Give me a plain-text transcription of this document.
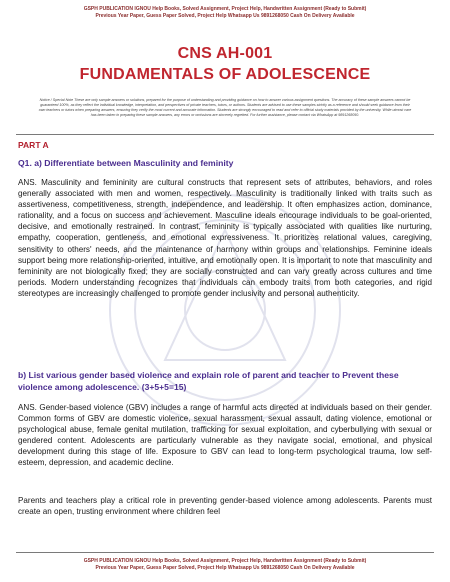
GSPH PUBLICATION IGNOU Help Books, Solved Assignment, Project Help, Handwritten Assignment (Ready to Submit)
Previous Year Paper, Guess Paper Solved, Project Help Whatsapp Us 9891268050 Cash On Delivery Available
CNS AH-001
FUNDAMENTALS OF ADOLESCENCE
Notice / Special Note These are only sample answers or solutions, prepared for the purpose of understanding and providing guidance on how to answer various assignment questions. The accuracy of these sample answers cannot be guaranteed 100%, as they reflect the individual knowledge, interpretation, and perspectives of private teachers, tutors, or authors. Students are advised to use these samples strictly as a reference and should seek guidance from their own teachers or tutors when preparing answers, ensuring they verify the most current and accurate information. Students are strongly encouraged to read and refer to official study materials provided by the university. While utmost care has been taken in preparing these sample answers, any errors or omissions are sincerely regretted. For further assistance, please contact via WhatsApp at 9891268050.
PART A
Q1. a) Differentiate between Masculinity and feminity
ANS. Masculinity and femininity are cultural constructs that represent sets of attributes, behaviors, and roles generally associated with men and women, respectively. Masculinity is traditionally linked with traits such as assertiveness, competitiveness, strength, independence, and leadership. It often emphasizes action, dominance, rationality, and a focus on success and achievement. Masculine ideals encourage individuals to be goal-oriented, decisive, and emotionally restrained. In contrast, femininity is typically associated with qualities like nurturing, empathy, cooperation, gentleness, and emotional expressiveness. It prioritizes relational values, caregiving, sensitivity to others' needs, and the maintenance of harmony within groups and relationships. Feminine ideals support being more relationship-oriented, intuitive, and emotionally open. It is important to note that masculinity and femininity are not biologically fixed; they are socially constructed and can vary greatly across cultures and time periods. Modern understanding recognizes that individuals can embody traits from both categories, and rigid stereotypes are increasingly challenged to promote gender inclusivity and personal authenticity.
b) List various gender based violence and explain role of parent and teacher to Prevent these violence among adolescence. (3+5+5=15)
ANS. Gender-based violence (GBV) includes a range of harmful acts directed at individuals based on their gender. Common forms of GBV are domestic violence, sexual harassment, sexual assault, dating violence, emotional or psychological abuse, female genital mutilation, trafficking for sexual exploitation, and cyberbullying with sexual or gendered content. Adolescents are particularly vulnerable as they navigate social, emotional, and physical development during this stage of life. Exposure to GBV can lead to long-term psychological trauma, low self-esteem, depression, and academic decline.
Parents and teachers play a critical role in preventing gender-based violence among adolescents. Parents must create an open, trusting environment where children feel
GSPH PUBLICATION IGNOU Help Books, Solved Assignment, Project Help, Handwritten Assignment (Ready to Submit)
Previous Year Paper, Guess Paper Solved, Project Help Whatsapp Us 9891268050 Cash On Delivery Available
